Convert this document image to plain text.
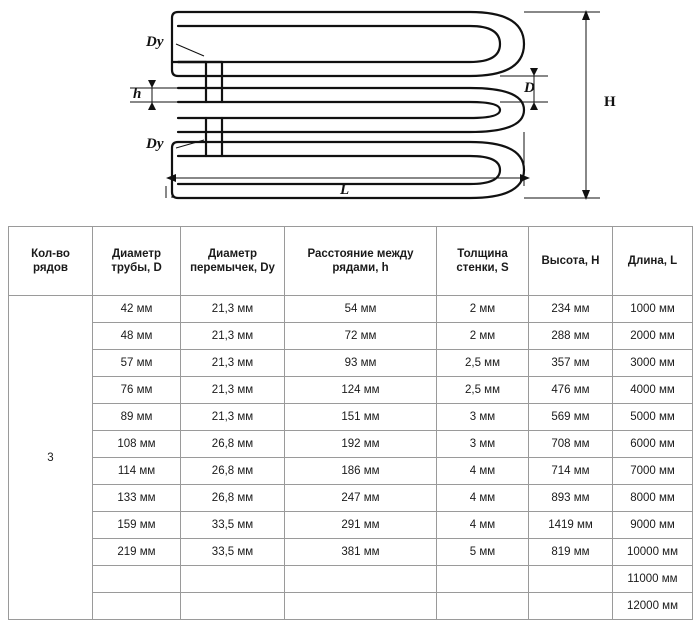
Dy
Dy
D
h	H
L
Кол-во рядов	Диаметр трубы, D	Диаметр перемычек, Dy	Расстояние между рядами, h	Толщина стенки, S	Высота, H	Длина, L
3	42 мм	21,3 мм	54 мм	2 мм	234 мм	1000 мм
	48 мм	21,3 мм	72 мм	2 мм	288 мм	2000 мм
	57 мм	21,3 мм	93 мм	2,5 мм	357 мм	3000 мм
	76 мм	21,3 мм	124 мм	2,5 мм	476 мм	4000 мм
	89 мм	21,3 мм	151 мм	3 мм	569 мм	5000 мм
	108 мм	26,8 мм	192 мм	3 мм	708 мм	6000 мм
	114 мм	26,8 мм	186 мм	4 мм	714 мм	7000 мм
	133 мм	26,8 мм	247 мм	4 мм	893 мм	8000 мм
	159 мм	33,5 мм	291 мм	4 мм	1419 мм	9000 мм
	219 мм	33,5 мм	381 мм	5 мм	819 мм	10000 мм
						11000 мм
						12000 мм
